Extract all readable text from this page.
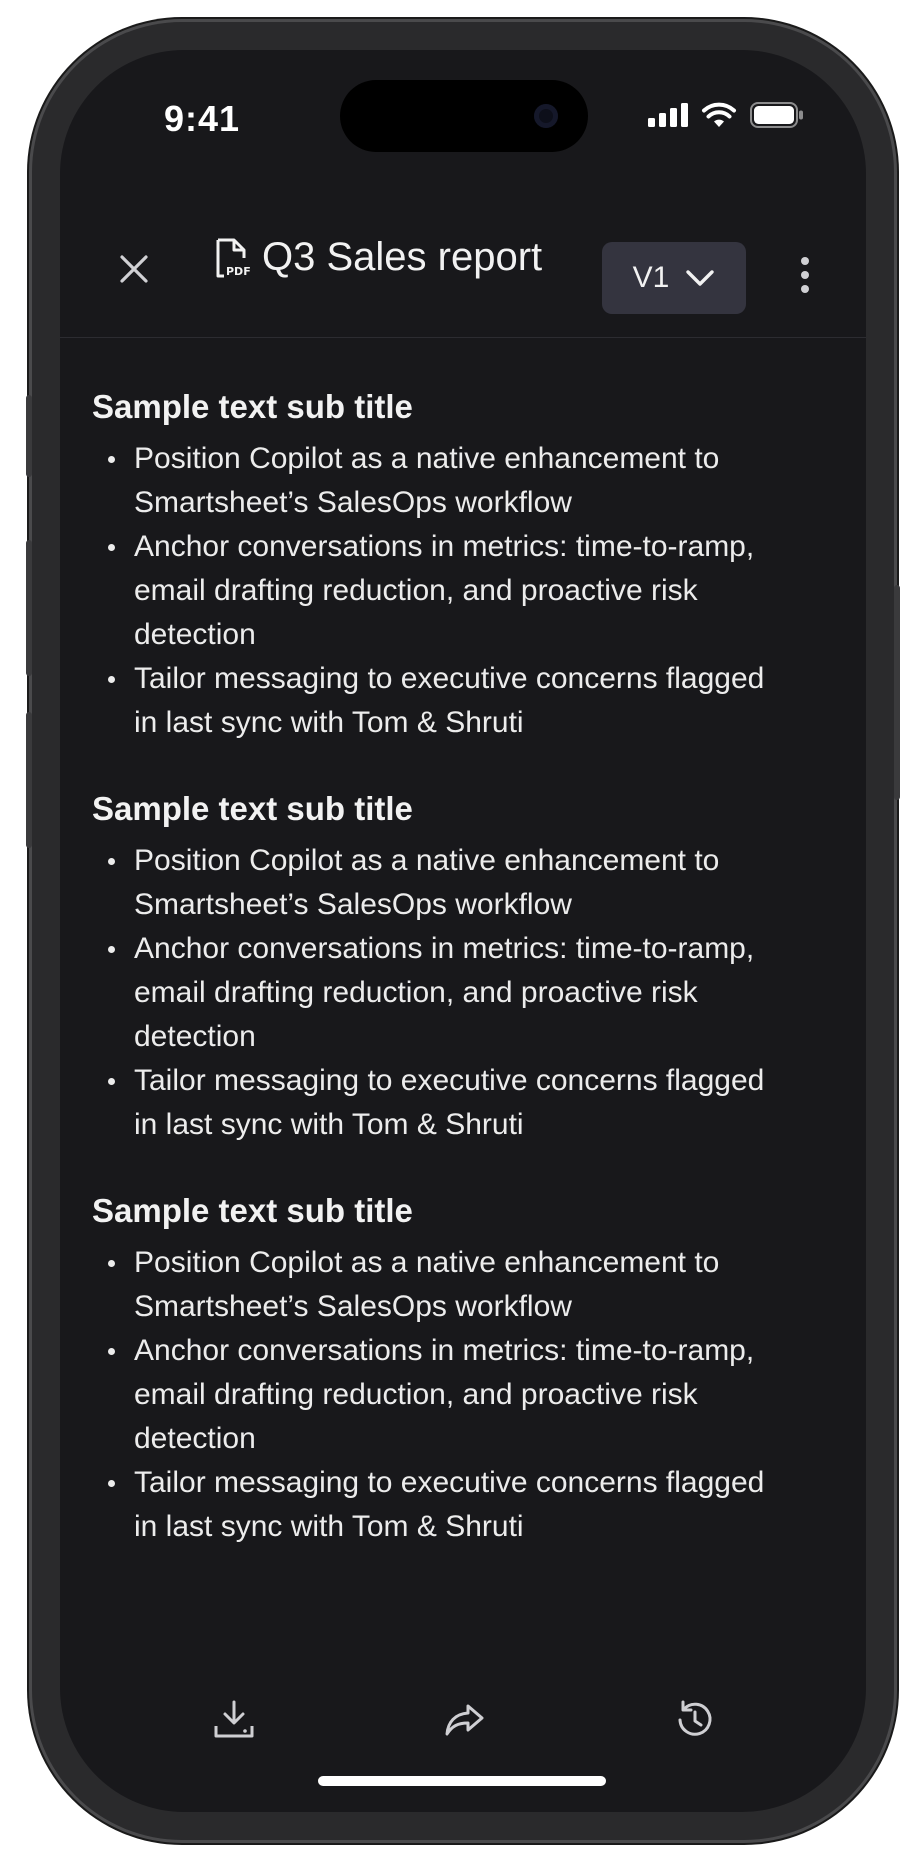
9:41
PDF Q3 Sales report	V1
Sample text sub title
Position Copilot as a native enhancement to Smartsheet’s SalesOps workflow
Anchor conversations in metrics: time-to-ramp, email drafting reduction, and proactive risk detection
Tailor messaging to executive concerns flagged in last sync with Tom & Shruti
Sample text sub title
Position Copilot as a native enhancement to Smartsheet’s SalesOps workflow
Anchor conversations in metrics: time-to-ramp, email drafting reduction, and proactive risk detection
Tailor messaging to executive concerns flagged in last sync with Tom & Shruti
Sample text sub title
Position Copilot as a native enhancement to Smartsheet’s SalesOps workflow
Anchor conversations in metrics: time-to-ramp, email drafting reduction, and proactive risk detection
Tailor messaging to executive concerns flagged in last sync with Tom & Shruti
